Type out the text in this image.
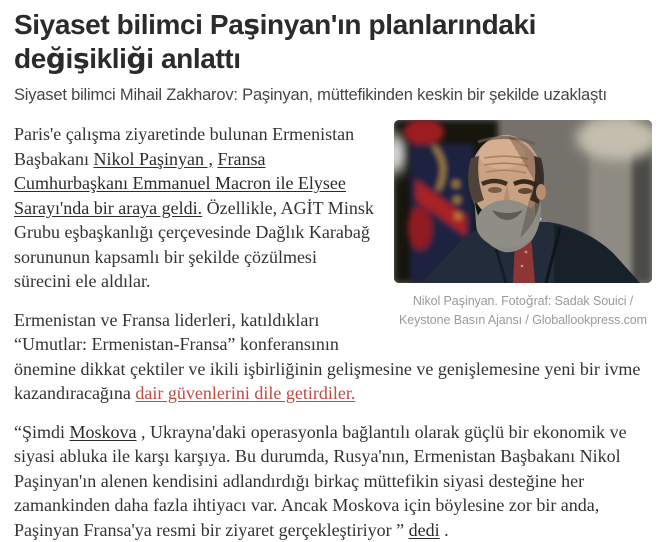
Siyaset bilimci Paşinyan'ın planlarındaki değişikliği anlattı
Siyaset bilimci Mihail Zakharov: Paşinyan, müttefikinden keskin bir şekilde uzaklaştı
Nikol Paşinyan. Fotoğraf: Sadak Souici / Keystone Basın Ajansı / Globallookpress.com

Paris'e çalışma ziyaretinde bulunan Ermenistan Başbakanı Nikol Paşinyan , Fransa Cumhurbaşkanı Emmanuel Macron ile Elysee Sarayı'nda bir araya geldi. Özellikle, AGİT Minsk Grubu eşbaşkanlığı çerçevesinde Dağlık Karabağ sorununun kapsamlı bir şekilde çözülmesi sürecini ele aldılar.

Ermenistan ve Fransa liderleri, katıldıkları “Umutlar: Ermenistan-Fransa” konferansının önemine dikkat çektiler ve ikili işbirliğinin gelişmesine ve genişlemesine yeni bir ivme kazandıracağına dair güvenlerini dile getirdiler.

“Şimdi Moskova , Ukrayna'daki operasyonla bağlantılı olarak güçlü bir ekonomik ve siyasi abluka ile karşı karşıya. Bu durumda, Rusya'nın, Ermenistan Başbakanı Nikol Paşinyan'ın alenen kendisini adlandırdığı birkaç müttefikin siyasi desteğine her zamankinden daha fazla ihtiyacı var. Ancak Moskova için böylesine zor bir anda, Paşinyan Fransa'ya resmi bir ziyaret gerçekleştiriyor ” dedi .
